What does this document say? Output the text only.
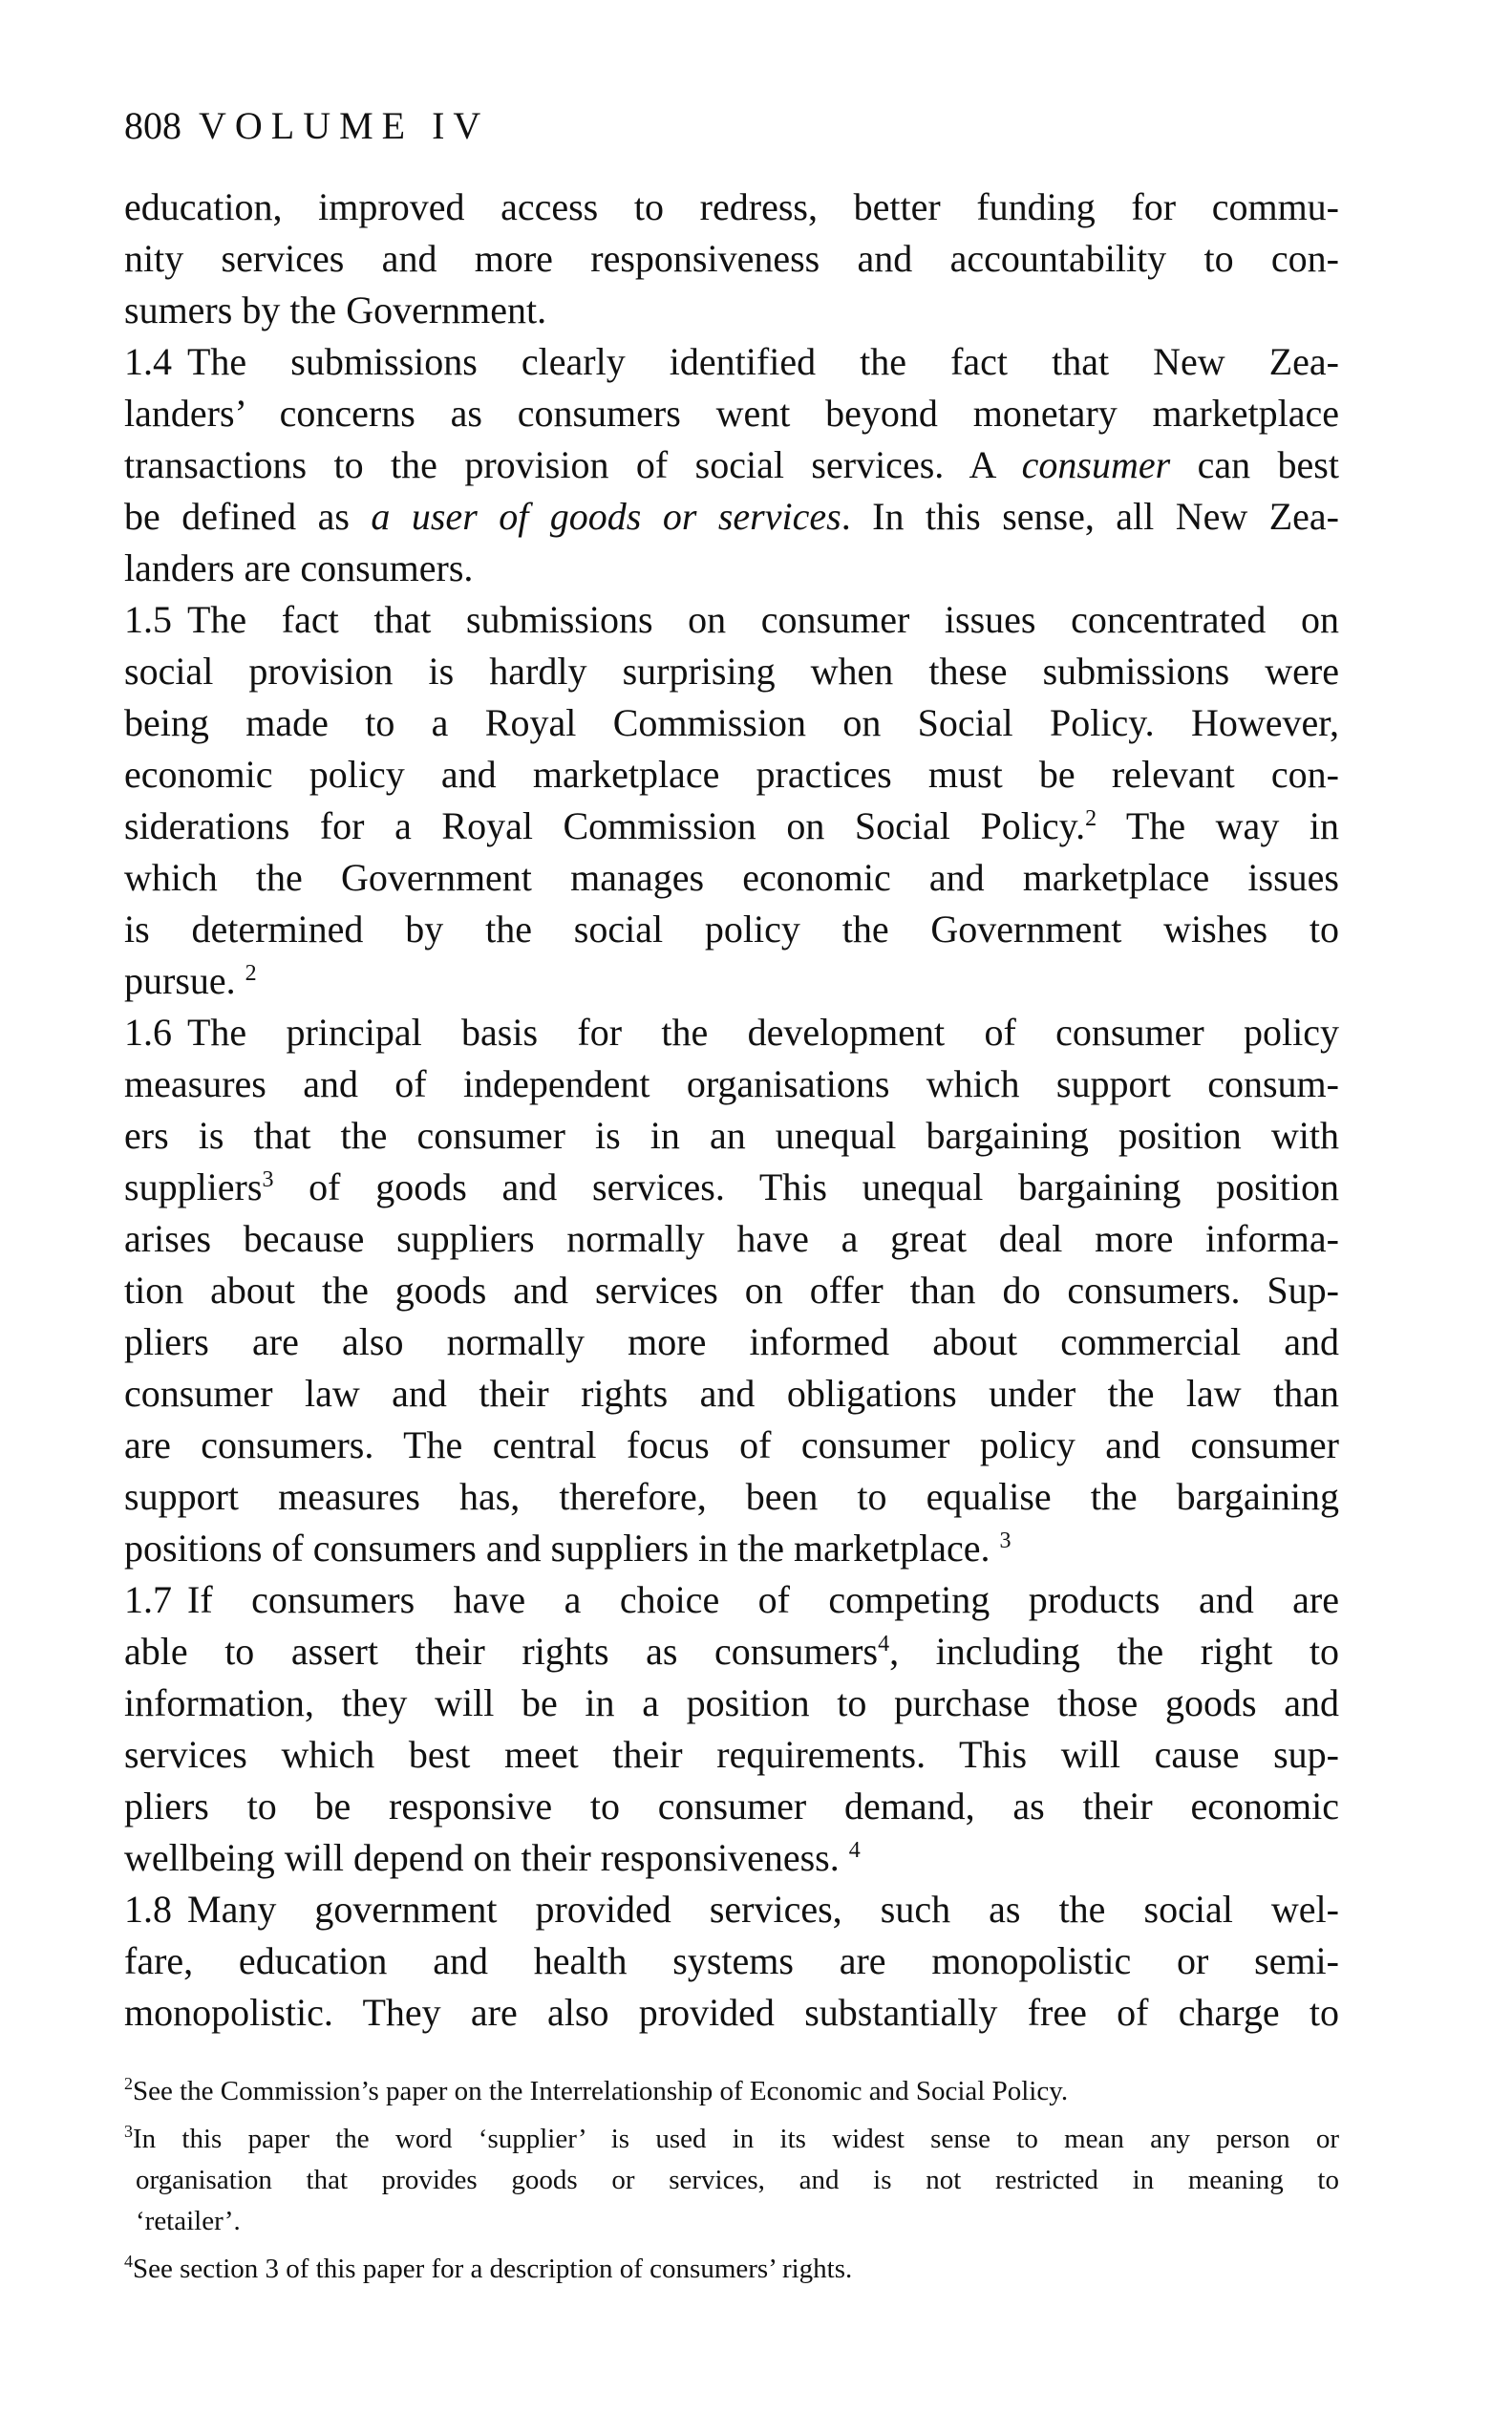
808 VOLUME IV
education, improved access to redress, better funding for commu-
nity services and more responsiveness and accountability to con-
sumers by the Government.
1.4 The submissions clearly identified the fact that New Zea-
landers’ concerns as consumers went beyond monetary marketplace
transactions to the provision of social services. A consumer can best
be defined as a user of goods or services. In this sense, all New Zea-
landers are consumers.
1.5 The fact that submissions on consumer issues concentrated on
social provision is hardly surprising when these submissions were
being made to a Royal Commission on Social Policy. However,
economic policy and marketplace practices must be relevant con-
siderations for a Royal Commission on Social Policy.$^2$ The way in
which the Government manages economic and marketplace issues
is determined by the social policy the Government wishes to
pursue. $^2$
1.6 The principal basis for the development of consumer policy
measures and of independent organisations which support consum-
ers is that the consumer is in an unequal bargaining position with
suppliers$^3$ of goods and services. This unequal bargaining position
arises because suppliers normally have a great deal more informa-
tion about the goods and services on offer than do consumers. Sup-
pliers are also normally more informed about commercial and
consumer law and their rights and obligations under the law than
are consumers. The central focus of consumer policy and consumer
support measures has, therefore, been to equalise the bargaining
positions of consumers and suppliers in the marketplace. $^3$
1.7 If consumers have a choice of competing products and are
able to assert their rights as consumers$^4$, including the right to
information, they will be in a position to purchase those goods and
services which best meet their requirements. This will cause sup-
pliers to be responsive to consumer demand, as their economic
wellbeing will depend on their responsiveness. $^4$
1.8 Many government provided services, such as the social wel-
fare, education and health systems are monopolistic or semi-
monopolistic. They are also provided substantially free of charge to
$^2$See the Commission’s paper on the Interrelationship of Economic and Social Policy.
$^3$In this paper the word ‘supplier’ is used in its widest sense to mean any person or
organisation that provides goods or services, and is not restricted in meaning to
‘retailer’.
$^4$See section 3 of this paper for a description of consumers’ rights.
